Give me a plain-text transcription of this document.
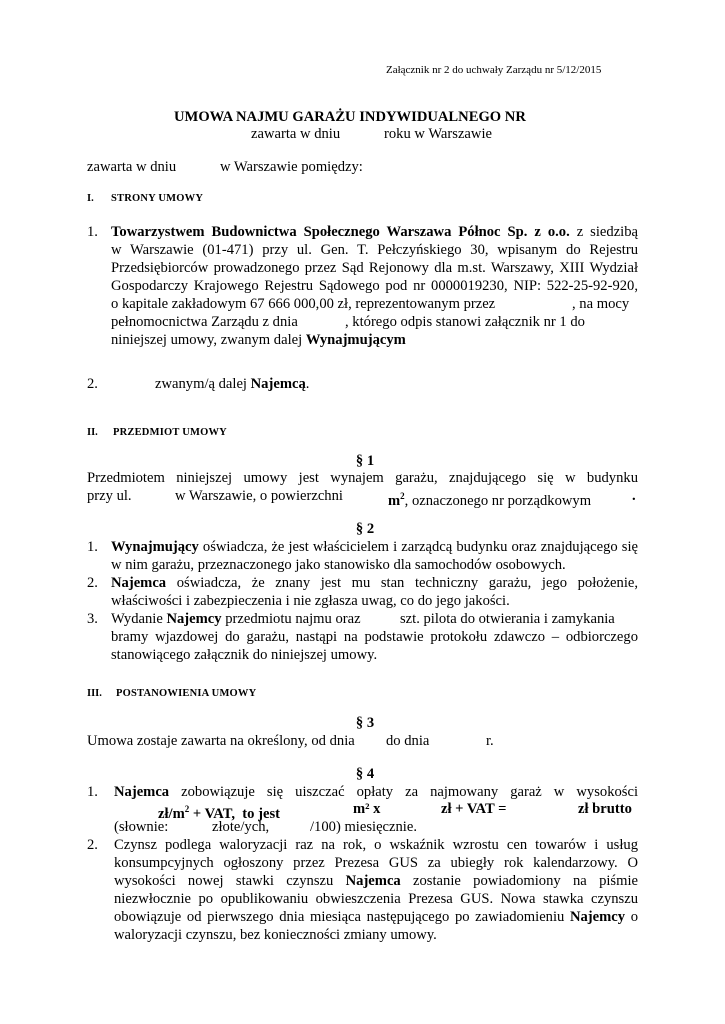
Załącznik nr 2 do uchwały Zarządu nr 5/12/2015
UMOWA NAJMU GARAŻU INDYWIDUALNEGO NR
zawarta w dniu	roku w Warszawie
zawarta w dniu	w Warszawie pomiędzy:
I. STRONY UMOWY
1. Towarzystwem Budownictwa Społecznego Warszawa Północ Sp. z o.o. z siedzibą
w Warszawie (01-471) przy ul. Gen. T. Pełczyńskiego 30, wpisanym do Rejestru
Przedsiębiorców prowadzonego przez Sąd Rejonowy dla m.st. Warszawy, XIII Wydział
Gospodarczy Krajowego Rejestru Sądowego pod nr 0000019230, NIP: 522-25-92-920,
o kapitale zakładowym 67 666 000,00 zł, reprezentowanym przez	, na mocy
pełnomocnictwa Zarządu z dnia	, którego odpis stanowi załącznik nr 1 do
niniejszej umowy, zwanym dalej Wynajmującym
2.	zwanym/ą dalej Najemcą.
II. PRZEDMIOT UMOWY
§ 1
Przedmiotem niniejszej umowy jest wynajem garażu, znajdującego się w budynku
przy ul.	w Warszawie, o powierzchni	$m^2$, oznaczonego nr porządkowym	.
§ 2
1. Wynajmujący oświadcza, że jest właścicielem i zarządcą budynku oraz znajdującego się
w nim garażu, przeznaczonego jako stanowisko dla samochodów osobowych.
2. Najemca oświadcza, że znany jest mu stan techniczny garażu, jego położenie,
właściwości i zabezpieczenia i nie zgłasza uwag, co do jego jakości.
3. Wydanie Najemcy przedmiotu najmu oraz	szt. pilota do otwierania i zamykania
bramy wjazdowej do garażu, nastąpi na podstawie protokołu zdawczo – odbiorczego
stanowiącego załącznik do niniejszej umowy.
III. POSTANOWIENIA UMOWY
§ 3
Umowa zostaje zawarta na określony, od dnia do dnia	r.
§ 4
1. Najemca zobowiązuje się uiszczać opłaty za najmowany garaż w wysokości
$zł/m^2$ + VAT,  to jest	m² x	zł + VAT =	zł brutto
(słownie:	złote/ych,	/100) miesięcznie.
2. Czynsz podlega waloryzacji raz na rok, o wskaźnik wzrostu cen towarów i usług
konsumpcyjnych ogłoszony przez Prezesa GUS za ubiegły rok kalendarzowy. O
wysokości nowej stawki czynszu Najemca zostanie powiadomiony na piśmie
niezwłocznie po opublikowaniu obwieszczenia Prezesa GUS. Nowa stawka czynszu
obowiązuje od pierwszego dnia miesiąca następującego po zawiadomieniu Najemcy o
waloryzacji czynszu, bez konieczności zmiany umowy.
